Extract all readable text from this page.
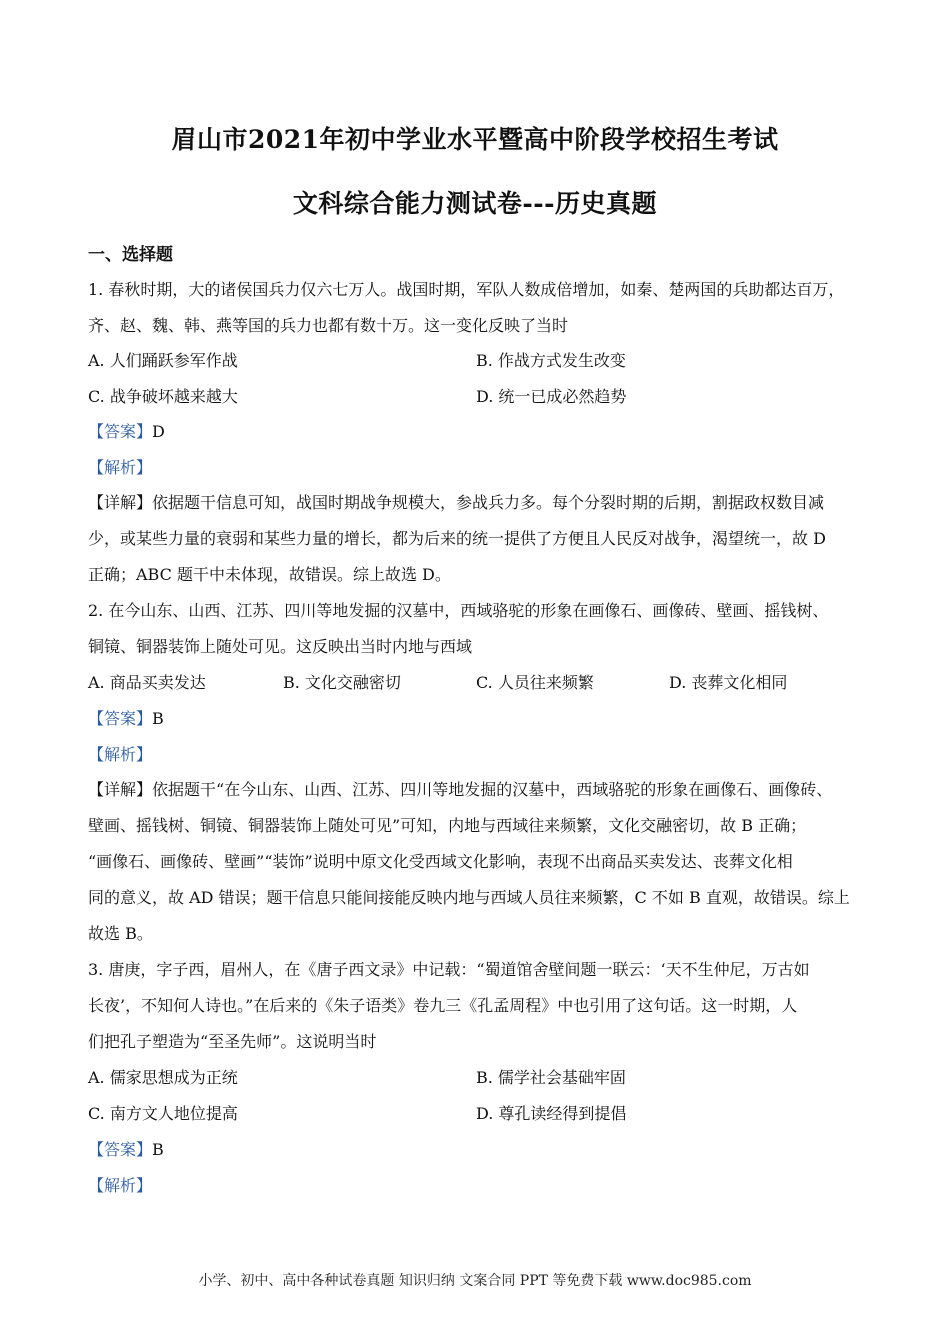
眉山市2021年初中学业水平暨高中阶段学校招生考试
文科综合能力测试卷---历史真题
一、选择题
1. 春秋时期，大的诸侯国兵力仅六七万人。战国时期，军队人数成倍增加，如秦、楚两国的兵助都达百万，
齐、赵、魏、韩、燕等国的兵力也都有数十万。这一变化反映了当时
A. 人们踊跃参军作战	B. 作战方式发生改变
C. 战争破坏越来越大	D. 统一已成必然趋势
【答案】D
【解析】
【详解】依据题干信息可知，战国时期战争规模大，参战兵力多。每个分裂时期的后期，割据政权数目减
少，或某些力量的衰弱和某些力量的增长，都为后来的统一提供了方便且人民反对战争，渴望统一，故 D
正确；ABC 题干中未体现，故错误。综上故选 D。
2. 在今山东、山西、江苏、四川等地发掘的汉墓中，西域骆驼的形象在画像石、画像砖、壁画、摇钱树、
铜镜、铜器装饰上随处可见。这反映出当时内地与西域
A. 商品买卖发达	B. 文化交融密切	C. 人员往来频繁	D. 丧葬文化相同
【答案】B
【解析】
【详解】依据题干“在今山东、山西、江苏、四川等地发掘的汉墓中，西域骆驼的形象在画像石、画像砖、
壁画、摇钱树、铜镜、铜器装饰上随处可见”可知，内地与西域往来频繁，文化交融密切，故 B 正确；
“画像石、画像砖、壁画”“装饰”说明中原文化受西域文化影响，表现不出商品买卖发达、丧葬文化相
同的意义，故 AD 错误；题干信息只能间接能反映内地与西域人员往来频繁，C 不如 B 直观，故错误。综上
故选 B。
3. 唐庚，字子西，眉州人，在《唐子西文录》中记载：“蜀道馆舍壁间题一联云：‘天不生仲尼，万古如
长夜’，不知何人诗也。”在后来的《朱子语类》卷九三《孔孟周程》中也引用了这句话。这一时期，人
们把孔子塑造为“至圣先师”。这说明当时
A. 儒家思想成为正统	B. 儒学社会基础牢固
C. 南方文人地位提高	D. 尊孔读经得到提倡
【答案】B
【解析】
小学、初中、高中各种试卷真题 知识归纳 文案合同 PPT 等免费下载 www.doc985.com
